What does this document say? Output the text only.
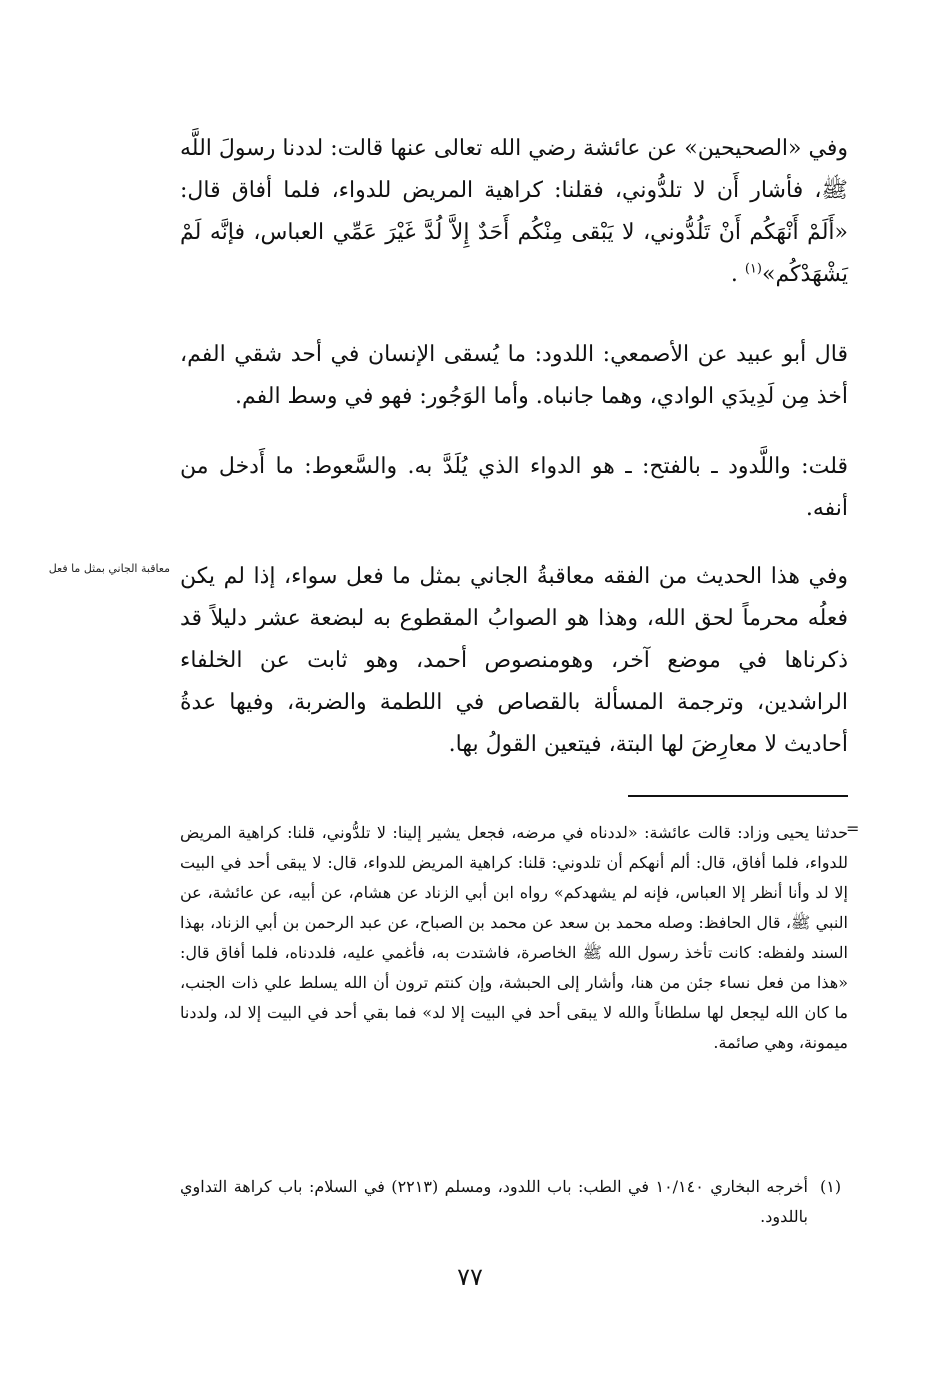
وفي «الصحيحين» عن عائشة رضي الله تعالى عنها قالت: لددنا رسولَ اللَّه ﷺ، فأشار أَن لا تلدُّوني، فقلنا: كراهية المريض للدواء، فلما أفاق قال: «أَلَمْ أَنْهَكُم أَنْ تَلُدُّوني، لا يَبْقى مِنْكُم أَحَدٌ إِلاَّ لُدَّ غَيْرَ عَمِّي العباس، فإنَّه لَمْ يَشْهَدْكُم»$^{(١)}$ .

قال أبو عبيد عن الأصمعي: اللدود: ما يُسقى الإنسان في أحد شقي الفم، أخذ مِن لَدِيدَي الوادي، وهما جانباه. وأما الوَجُور: فهو في وسط الفم.

قلت: واللَّدود ـ بالفتح: ـ هو الدواء الذي يُلَدَّ به. والسَّعوط: ما أَدخل من أنفه.

وفي هذا الحديث من الفقه معاقبةُ الجاني بمثل ما فعل سواء، إذا لم يكن فعلُه محرماً لحق الله، وهذا هو الصوابُ المقطوع به لبضعة عشر دليلاً قد ذكرناها في موضع آخر، وهومنصوص أحمد، وهو ثابت عن الخلفاء الراشدين، وترجمة المسألة بالقصاص في اللطمة والضربة، وفيها عدةُ أحاديث لا معارِضَ لها البتة، فيتعين القولُ بها.

معاقبة الجاني بمثل ما فعل
=
حدثنا يحيى وزاد: قالت عائشة: «لددناه في مرضه، فجعل يشير إلينا: لا تلدُّوني، قلنا: كراهية المريض للدواء، فلما أفاق، قال: ألم أنهكم أن تلدوني: قلنا: كراهية المريض للدواء، قال: لا يبقى أحد في البيت إلا لد وأنا أنظر إلا العباس، فإنه لم يشهدكم» رواه ابن أبي الزناد عن هشام، عن أبيه، عن عائشة، عن النبي ﷺ، قال الحافظ: وصله محمد بن سعد عن محمد بن الصباح، عن عبد الرحمن بن أبي الزناد، بهذا السند ولفظه: كانت تأخذ رسول الله ﷺ الخاصرة، فاشتدت به، فأغمي عليه، فلددناه، فلما أفاق قال: «هذا من فعل نساء جئن من هنا، وأشار إلى الحبشة، وإن كنتم ترون أن الله يسلط علي ذات الجنب، ما كان الله ليجعل لها سلطاناً والله لا يبقى أحد في البيت إلا لد» فما بقي أحد في البيت إلا لد، ولددنا ميمونة، وهي صائمة.
(١)
أخرجه البخاري ١٠/١٤٠ في الطب: باب اللدود، ومسلم (٢٢١٣) في السلام: باب كراهة التداوي باللدود.
٧٧
